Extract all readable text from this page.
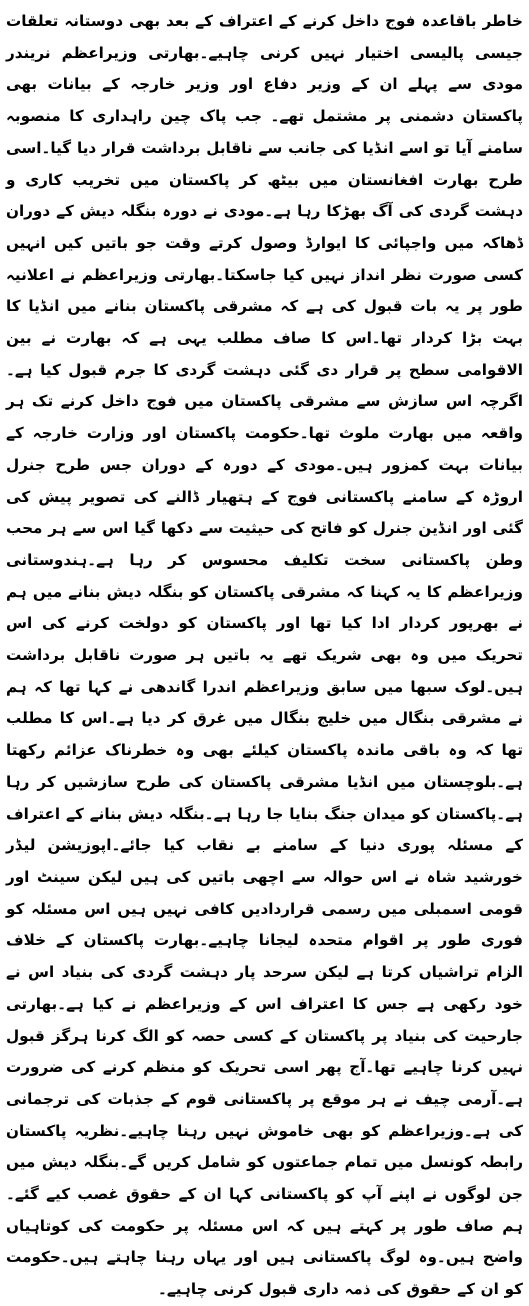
خاطر باقاعدہ فوج داخل کرنے کے اعتراف کے بعد بھی دوستانہ تعلقات جیسی پالیسی اختیار نہیں کرنی چاہیے۔بھارتی وزیراعظم نریندر مودی سے پہلے ان کے وزیر دفاع اور وزیر خارجہ کے بیانات بھی پاکستان دشمنی پر مشتمل تھے۔ جب پاک چین راہداری کا منصوبہ سامنے آیا تو اسے انڈیا کی جانب سے ناقابل برداشت قرار دیا گیا۔اسی طرح بھارت افغانستان میں بیٹھ کر پاکستان میں تخریب کاری و دہشت گردی کی آگ بھڑکا رہا ہے۔مودی نے دورہ بنگلہ دیش کے دوران ڈھاکہ میں واجپائی کا ایوارڈ وصول کرتے وقت جو باتیں کیں انہیں کسی صورت نظر انداز نہیں کیا جاسکتا۔بھارتی وزیراعظم نے اعلانیہ طور پر یہ بات قبول کی ہے کہ مشرقی پاکستان بنانے میں انڈیا کا بہت بڑا کردار تھا۔اس کا صاف مطلب یہی ہے کہ بھارت نے بین الاقوامی سطح پر قرار دی گئی دہشت گردی کا جرم قبول کیا ہے۔اگرچہ اس سازش سے مشرقی پاکستان میں فوج داخل کرنے تک ہر واقعہ میں بھارت ملوث تھا۔حکومت پاکستان اور وزارت خارجہ کے بیانات بہت کمزور ہیں۔مودی کے دورہ کے دوران جس طرح جنرل اروڑہ کے سامنے پاکستانی فوج کے ہتھیار ڈالنے کی تصویر پیش کی گئی اور انڈین جنرل کو فاتح کی حیثیت سے دکھا گیا اس سے ہر محب وطن پاکستانی سخت تکلیف محسوس کر رہا ہے۔ہندوستانی وزیراعظم کا یہ کہنا کہ مشرقی پاکستان کو بنگلہ دیش بنانے میں ہم نے بھرپور کردار ادا کیا تھا اور پاکستان کو دولخت کرنے کی اس تحریک میں وہ بھی شریک تھے یہ باتیں ہر صورت ناقابل برداشت ہیں۔لوک سبھا میں سابق وزیراعظم اندرا گاندھی نے کہا تھا کہ ہم نے مشرقی بنگال میں خلیج بنگال میں غرق کر دیا ہے۔اس کا مطلب تھا کہ وہ باقی ماندہ پاکستان کیلئے بھی وہ خطرناک عزائم رکھتا ہے۔بلوچستان میں انڈیا مشرقی پاکستان کی طرح سازشیں کر رہا ہے۔پاکستان کو میدان جنگ بنایا جا رہا ہے۔بنگلہ دیش بنانے کے اعتراف کے مسئلہ پوری دنیا کے سامنے بے نقاب کیا جائے۔اپوزیشن لیڈر خورشید شاہ نے اس حوالہ سے اچھی باتیں کی ہیں لیکن سینٹ اور قومی اسمبلی میں رسمی قراردادیں کافی نہیں ہیں اس مسئلہ کو فوری طور پر اقوام متحدہ لیجانا چاہیے۔بھارت پاکستان کے خلاف الزام تراشیاں کرتا ہے لیکن سرحد پار دہشت گردی کی بنیاد اس نے خود رکھی ہے جس کا اعتراف اس کے وزیراعظم نے کیا ہے۔بھارتی جارحیت کی بنیاد پر پاکستان کے کسی حصہ کو الگ کرنا ہرگز قبول نہیں کرنا چاہیے تھا۔آج پھر اسی تحریک کو منظم کرنے کی ضرورت ہے۔آرمی چیف نے ہر موقع پر پاکستانی قوم کے جذبات کی ترجمانی کی ہے۔وزیراعظم کو بھی خاموش نہیں رہنا چاہیے۔نظریہ پاکستان رابطہ کونسل میں تمام جماعتوں کو شامل کریں گے۔بنگلہ دیش میں جن لوگوں نے اپنے آپ کو پاکستانی کہا ان کے حقوق غصب کیے گئے۔ہم صاف طور پر کہتے ہیں کہ اس مسئلہ پر حکومت کی کوتاہیاں واضح ہیں۔وہ لوگ پاکستانی ہیں اور یہاں رہنا چاہتے ہیں۔حکومت کو ان کے حقوق کی ذمہ داری قبول کرنی چاہیے۔
